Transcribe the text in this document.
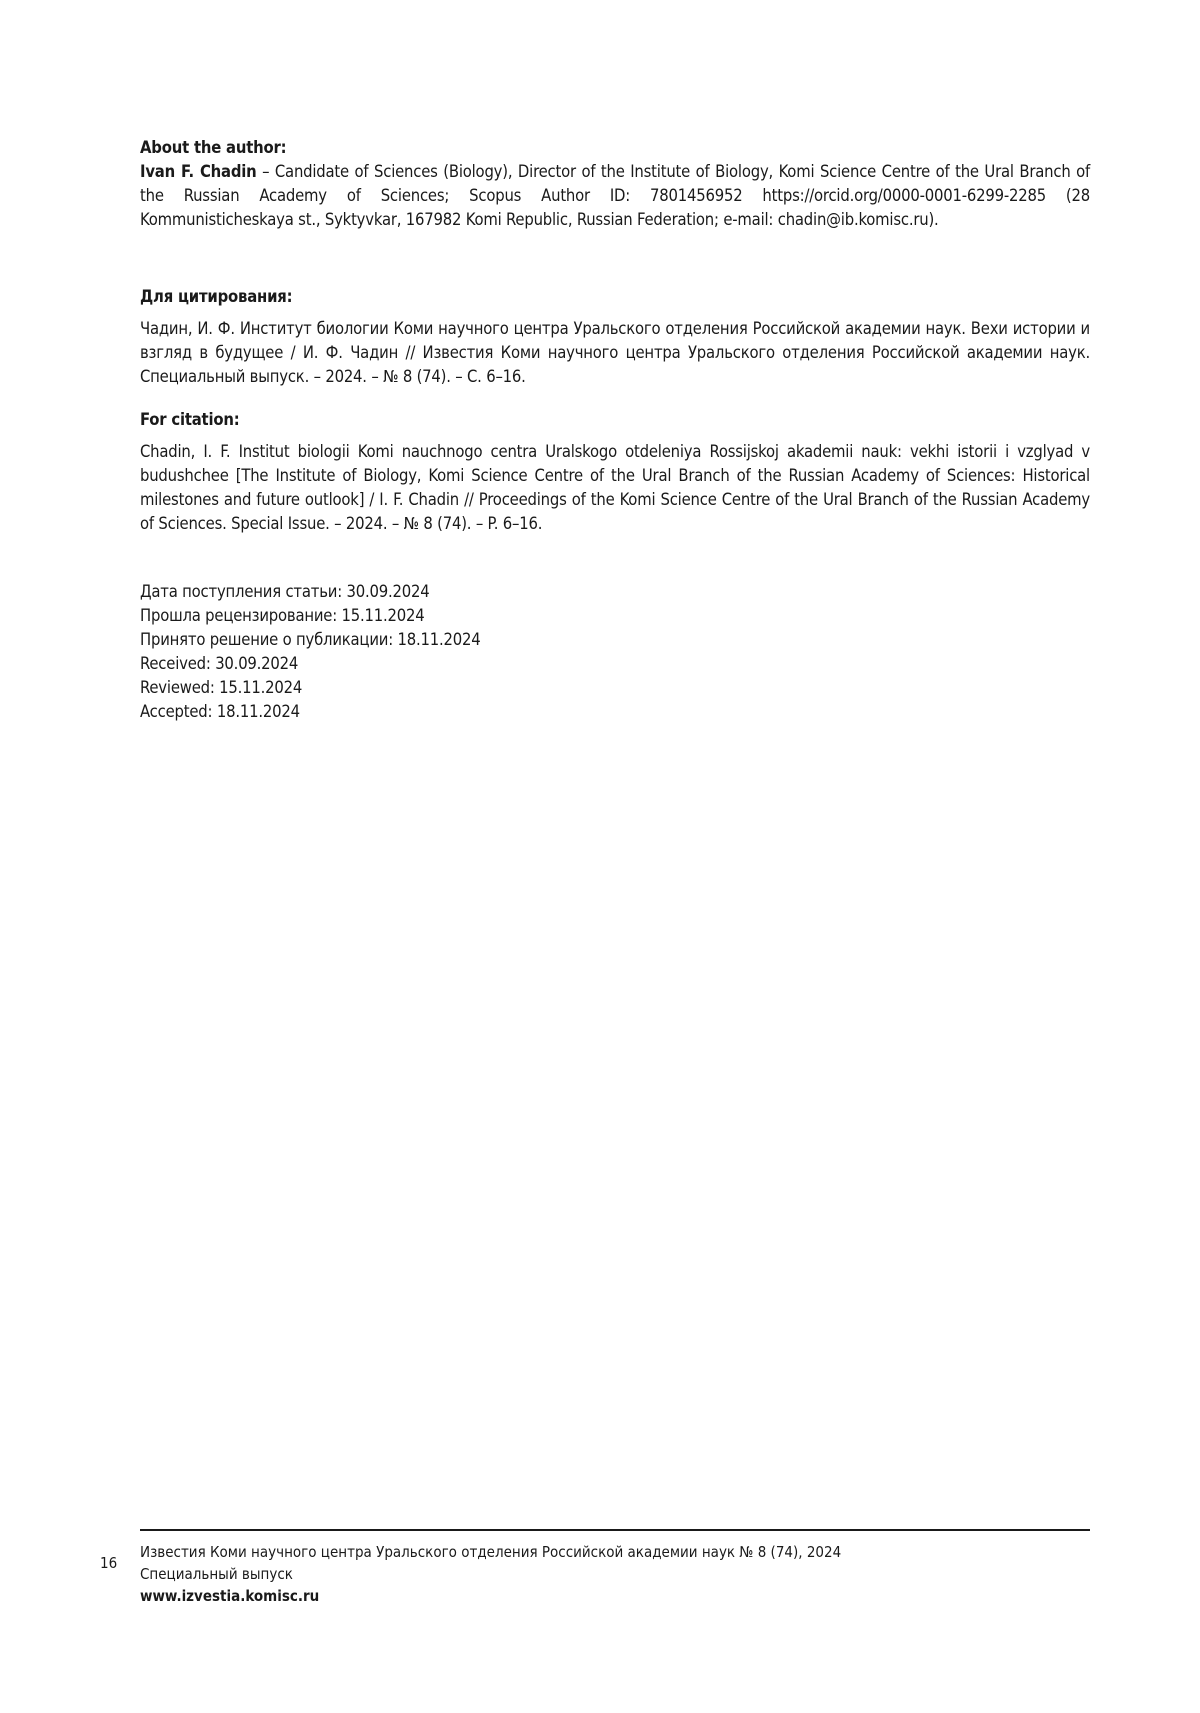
About the author:
Ivan F. Chadin – Candidate of Sciences (Biology), Director of the Institute of Biology, Komi Science Centre of the Ural Branch of the Russian Academy of Sciences; Scopus Author ID: 7801456952 https://orcid.org/0000-0001-6299-2285 (28 Kommunisticheskaya st., Syktyvkar, 167982 Komi Republic, Russian Federation; e-mail: chadin@ib.komisc.ru).
Для цитирования:
Чадин, И. Ф. Институт биологии Коми научного центра Уральского отделения Российской академии наук. Вехи истории и взгляд в будущее / И. Ф. Чадин // Известия Коми научного центра Уральского отделения Российской академии наук. Специальный выпуск. – 2024. – № 8 (74). – С. 6–16.
For citation:
Chadin, I. F. Institut biologii Komi nauchnogo centra Uralskogo otdeleniya Rossijskoj akademii nauk: vekhi istorii i vzglyad v budushchee [The Institute of Biology, Komi Science Centre of the Ural Branch of the Russian Academy of Sciences: Historical milestones and future outlook] / I. F. Chadin // Proceedings of the Komi Science Centre of the Ural Branch of the Russian Academy of Sciences. Special Issue. – 2024. – № 8 (74). – P. 6–16.
Дата поступления статьи: 30.09.2024
Прошла рецензирование: 15.11.2024
Принято решение о публикации: 18.11.2024
Received: 30.09.2024
Reviewed: 15.11.2024
Accepted: 18.11.2024
16
Известия Коми научного центра Уральского отделения Российской академии наук № 8 (74), 2024
Специальный выпуск
www.izvestia.komisc.ru
